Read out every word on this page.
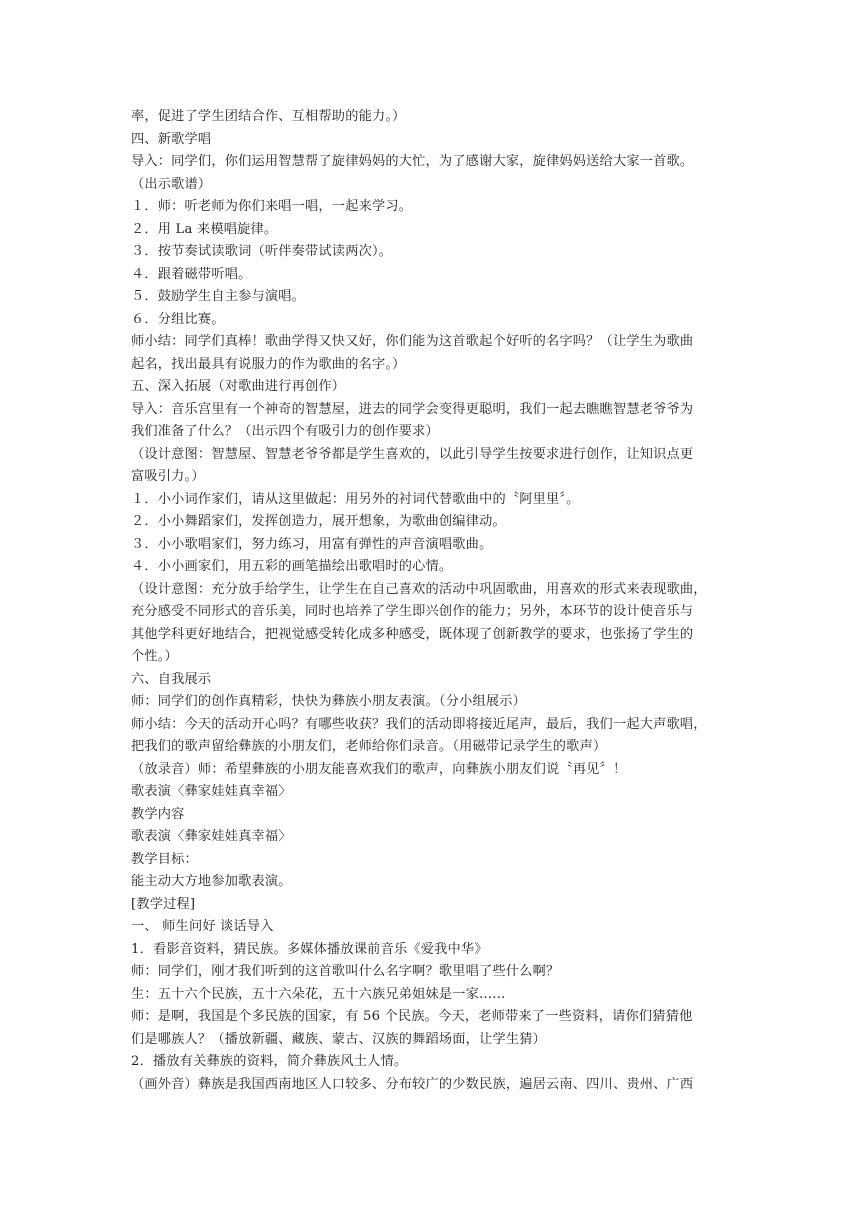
率，促进了学生团结合作、互相帮助的能力。）
四、新歌学唱
导入：同学们，你们运用智慧帮了旋律妈妈的大忙，为了感谢大家，旋律妈妈送给大家一首歌。
（出示歌谱）
１．师：听老师为你们来唱一唱，一起来学习。
２．用 La 来模唱旋律。
３．按节奏试读歌词（听伴奏带试读两次）。
４．跟着磁带听唱。
５．鼓励学生自主参与演唱。
６．分组比赛。
师小结：同学们真棒！歌曲学得又快又好，你们能为这首歌起个好听的名字吗？（让学生为歌曲
起名，找出最具有说服力的作为歌曲的名字。）
五、深入拓展（对歌曲进行再创作）
导入：音乐宫里有一个神奇的智慧屋，进去的同学会变得更聪明，我们一起去瞧瞧智慧老爷爷为
我们准备了什么？（出示四个有吸引力的创作要求）
（设计意图：智慧屋、智慧老爷爷都是学生喜欢的，以此引导学生按要求进行创作，让知识点更
富吸引力。）
１．小小词作家们，请从这里做起：用另外的衬词代替歌曲中的〝阿里里〞。
２．小小舞蹈家们，发挥创造力，展开想象，为歌曲创编律动。
３．小小歌唱家们，努力练习，用富有弹性的声音演唱歌曲。
４．小小画家们，用五彩的画笔描绘出歌唱时的心情。
（设计意图：充分放手给学生，让学生在自己喜欢的活动中巩固歌曲，用喜欢的形式来表现歌曲，
充分感受不同形式的音乐美，同时也培养了学生即兴创作的能力；另外，本环节的设计使音乐与
其他学科更好地结合，把视觉感受转化成多种感受，既体现了创新教学的要求，也张扬了学生的
个性。）
六、自我展示
师：同学们的创作真精彩，快快为彝族小朋友表演。（分小组展示）
师小结：今天的活动开心吗？有哪些收获？我们的活动即将接近尾声，最后，我们一起大声歌唱，
把我们的歌声留给彝族的小朋友们，老师给你们录音。（用磁带记录学生的歌声）
（放录音）师：希望彝族的小朋友能喜欢我们的歌声，向彝族小朋友们说〝再见〞！
歌表演〈彝家娃娃真幸福〉
教学内容
歌表演〈彝家娃娃真幸福〉
教学目标：
能主动大方地参加歌表演。
[教学过程]
一、 师生问好 谈话导入
1．看影音资料，猜民族。多媒体播放课前音乐《爱我中华》
师：同学们，刚才我们听到的这首歌叫什么名字啊？歌里唱了些什么啊？
生：五十六个民族，五十六朵花，五十六族兄弟姐妹是一家......
师：是啊，我国是个多民族的国家，有 56 个民族。今天，老师带来了一些资料，请你们猜猜他
们是哪族人？（播放新疆、藏族、蒙古、汉族的舞蹈场面，让学生猜）
2．播放有关彝族的资料，简介彝族风土人情。
（画外音）彝族是我国西南地区人口较多、分布较广的少数民族，遍居云南、四川、贵州、广西
